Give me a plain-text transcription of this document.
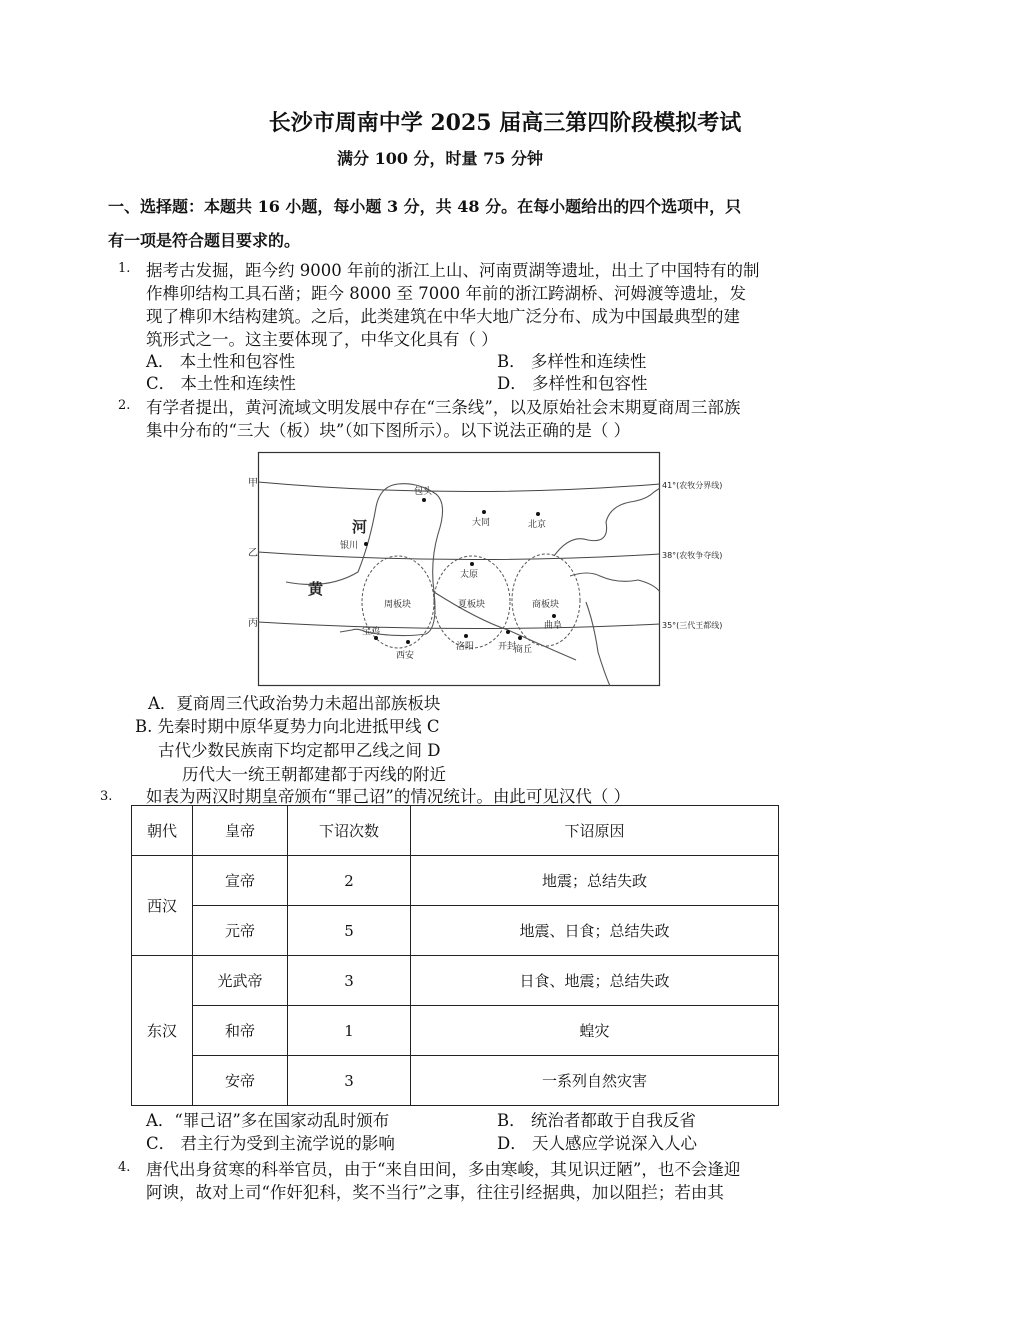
长沙市周南中学 2025 届高三第四阶段模拟考试
满分 100 分，时量 75 分钟
一、选择题：本题共 16 小题，每小题 3 分，共 48 分。在每小题给出的四个选项中，只
有一项是符合题目要求的。
1. 据考古发掘，距今约 9000 年前的浙江上山、河南贾湖等遗址，出土了中国特有的制
作榫卯结构工具石凿；距今 8000 至 7000 年前的浙江跨湖桥、河姆渡等遗址，发
现了榫卯木结构建筑。之后，此类建筑在中华大地广泛分布、成为中国最典型的建
筑形式之一。这主要体现了，中华文化具有（ ）
A． 本土性和包容性	B． 多样性和连续性
C． 本土性和连续性	D． 多样性和包容性
2. 有学者提出，黄河流域文明发展中存在“三条线”，以及原始社会末期夏商周三部族
集中分布的“三大（板）块”（如下图所示）。以下说法正确的是（ ）
甲
乙
丙
41°(农牧分界线)
38°(农牧争夺线)
35°(三代王都线)
河
黄
包头
大同	北京
银川
太原
宝鸡
西安
洛阳	开封
商丘
曲阜
周板块	夏板块	商板块
A．夏商周三代政治势力未超出部族板块
B. 先秦时期中原华夏势力向北进抵甲线 C
古代少数民族南下均定都甲乙线之间 D
历代大一统王朝都建都于丙线的附近
3. 如表为两汉时期皇帝颁布“罪己诏”的情况统计。由此可见汉代（ ）
朝代	皇帝	下诏次数	下诏原因
西汉	宣帝	2	地震；总结失政
	元帝	5	地震、日食；总结失政
东汉	光武帝	3	日食、地震；总结失政
	和帝	1	蝗灾
	安帝	3	一系列自然灾害
A．“罪己诏”多在国家动乱时颁布	B． 统治者都敢于自我反省
C． 君主行为受到主流学说的影响	D． 天人感应学说深入人心
4. 唐代出身贫寒的科举官员，由于“来自田间，多由寒峻，其见识迂陋”，也不会逢迎
阿谀，故对上司“作奸犯科，奖不当行”之事，往往引经据典，加以阻拦；若由其
